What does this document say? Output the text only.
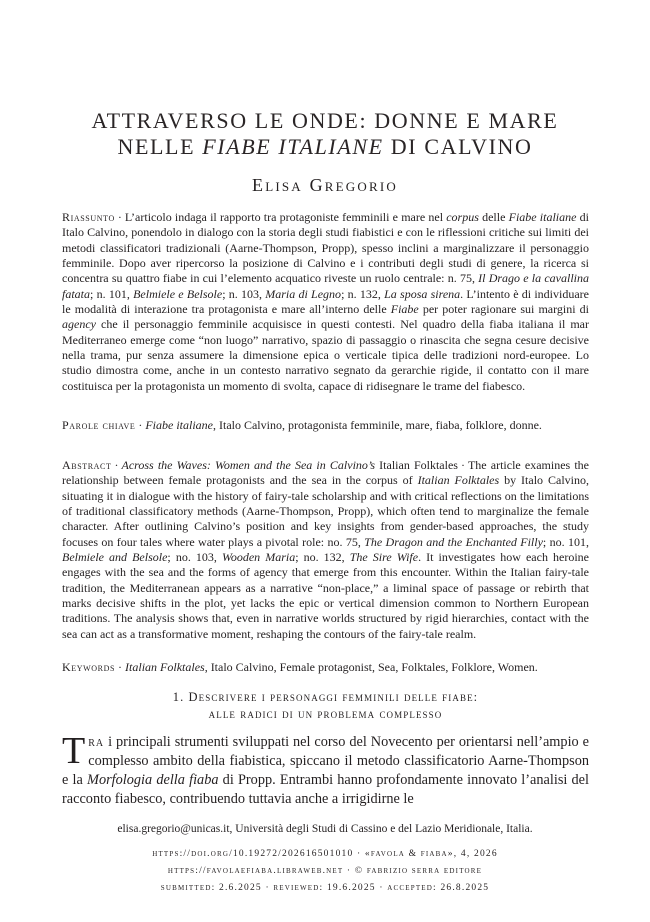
ATTRAVERSO LE ONDE: DONNE E MARE
NELLE FIABE ITALIANE DI CALVINO
Elisa Gregorio
Riassunto · L’articolo indaga il rapporto tra protagoniste femminili e mare nel corpus delle Fiabe italiane di Italo Calvino, ponendolo in dialogo con la storia degli studi fiabistici e con le riflessioni critiche sui limiti dei metodi classificatori tradizionali (Aarne-Thompson, Propp), spesso inclini a marginalizzare il personaggio femminile. Dopo aver ripercorso la posizione di Calvino e i contributi degli studi di genere, la ricerca si concentra su quattro fiabe in cui l’elemento acquatico riveste un ruolo centrale: n. 75, Il Drago e la cavallina fatata; n. 101, Belmiele e Belsole; n. 103, Maria di Legno; n. 132, La sposa sirena. L’intento è di individuare le modalità di interazione tra protagonista e mare all’interno delle Fiabe per poter ragionare sui margini di agency che il personaggio femminile acquisisce in questi contesti. Nel quadro della fiaba italiana il mar Mediterraneo emerge come “non luogo” narrativo, spazio di passaggio o rinascita che segna cesure decisive nella trama, pur senza assumere la dimensione epica o verticale tipica delle tradizioni nord-europee. Lo studio dimostra come, anche in un contesto narrativo segnato da gerarchie rigide, il contatto con il mare costituisca per la protagonista un momento di svolta, capace di ridisegnare le trame del fiabesco.
Parole chiave · Fiabe italiane, Italo Calvino, protagonista femminile, mare, fiaba, folklore, donne.
Abstract · Across the Waves: Women and the Sea in Calvino’s Italian Folktales · The article examines the relationship between female protagonists and the sea in the corpus of Italian Folktales by Italo Calvino, situating it in dialogue with the history of fairy-tale scholarship and with critical reflections on the limitations of traditional classificatory methods (Aarne-Thompson, Propp), which often tend to marginalize the female character. After outlining Calvino’s position and key insights from gender-based approaches, the study focuses on four tales where water plays a pivotal role: no. 75, The Dragon and the Enchanted Filly; no. 101, Belmiele and Belsole; no. 103, Wooden Maria; no. 132, The Sire Wife. It investigates how each heroine engages with the sea and the forms of agency that emerge from this encounter. Within the Italian fairy-tale tradition, the Mediterranean appears as a narrative “non-place,” a liminal space of passage or rebirth that marks decisive shifts in the plot, yet lacks the epic or vertical dimension common to Northern European traditions. The analysis shows that, even in narrative worlds structured by rigid hierarchies, contact with the sea can act as a transformative moment, reshaping the contours of the fairy-tale realm.
Keywords · Italian Folktales, Italo Calvino, Female protagonist, Sea, Folktales, Folklore, Women.
1. Descrivere i personaggi femminili delle fiabe:
alle radici di un problema complesso
Tra i principali strumenti sviluppati nel corso del Novecento per orientarsi nell’ampio e complesso ambito della fiabistica, spiccano il metodo classificatorio Aarne-Thompson e la Morfologia della fiaba di Propp. Entrambi hanno profondamente innovato l’analisi del racconto fiabesco, contribuendo tuttavia anche a irrigidirne le
elisa.gregorio@unicas.it, Università degli Studi di Cassino e del Lazio Meridionale, Italia.
https://doi.org/10.19272/202616501010 · «favola & fiaba», 4, 2026
https://favolaefiaba.libraweb.net · © fabrizio serra editore
submitted: 2.6.2025 · reviewed: 19.6.2025 · accepted: 26.8.2025
